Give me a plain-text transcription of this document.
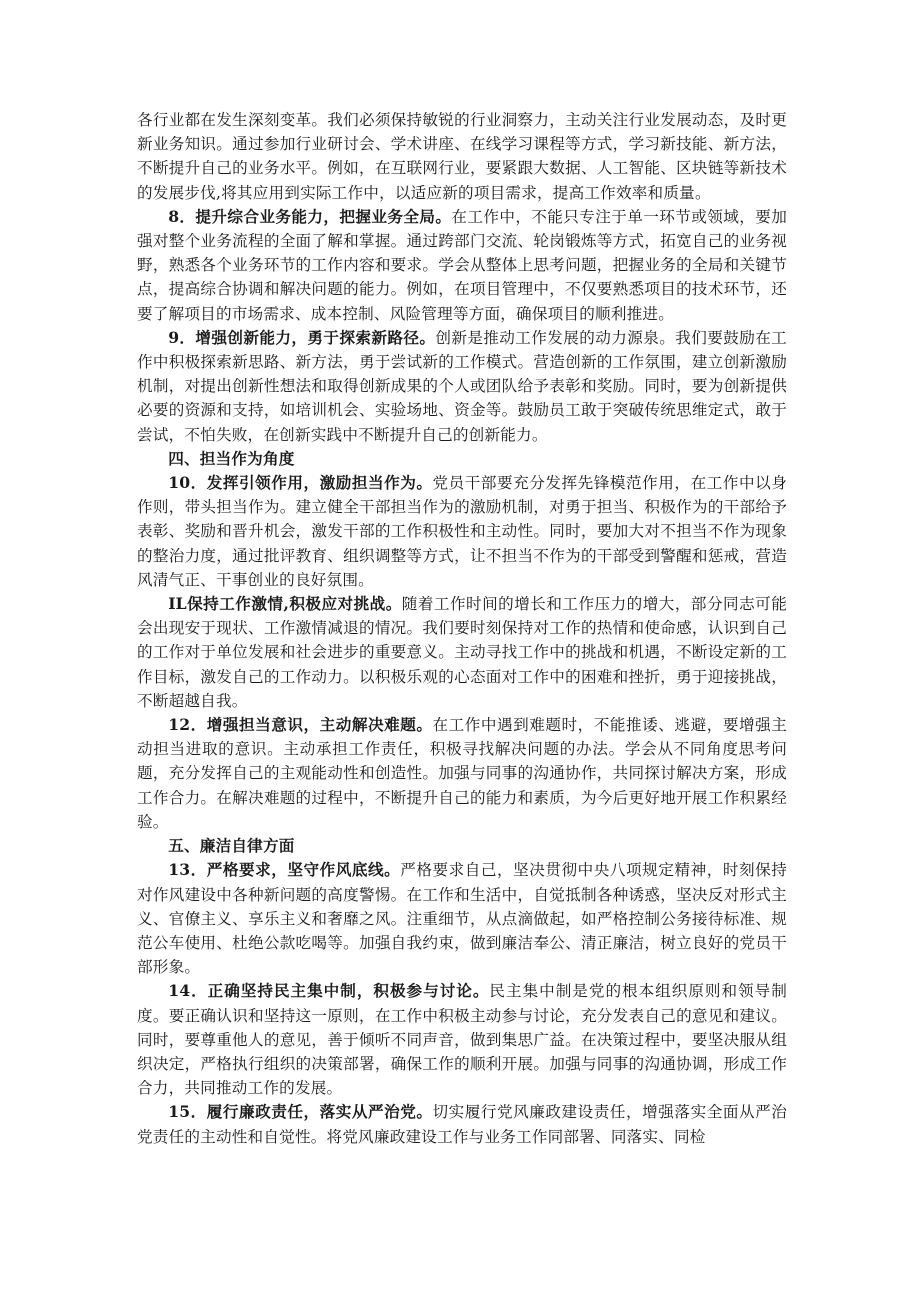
各行业都在发生深刻变革。我们必须保持敏锐的行业洞察力，主动关注行业发展动态，及时更新业务知识。通过参加行业研讨会、学术讲座、在线学习课程等方式，学习新技能、新方法，不断提升自己的业务水平。例如，在互联网行业，要紧跟大数据、人工智能、区块链等新技术的发展步伐,将其应用到实际工作中，以适应新的项目需求，提高工作效率和质量。

8．提升综合业务能力，把握业务全局。在工作中，不能只专注于单一环节或领域，要加强对整个业务流程的全面了解和掌握。通过跨部门交流、轮岗锻炼等方式，拓宽自己的业务视野，熟悉各个业务环节的工作内容和要求。学会从整体上思考问题，把握业务的全局和关键节点，提高综合协调和解决问题的能力。例如，在项目管理中，不仅要熟悉项目的技术环节，还要了解项目的市场需求、成本控制、风险管理等方面，确保项目的顺利推进。

9．增强创新能力，勇于探索新路径。创新是推动工作发展的动力源泉。我们要鼓励在工作中积极探索新思路、新方法，勇于尝试新的工作模式。营造创新的工作氛围，建立创新激励机制，对提出创新性想法和取得创新成果的个人或团队给予表彰和奖励。同时，要为创新提供必要的资源和支持，如培训机会、实验场地、资金等。鼓励员工敢于突破传统思维定式，敢于尝试，不怕失败，在创新实践中不断提升自己的创新能力。

四、担当作为角度

10．发挥引领作用，激励担当作为。党员干部要充分发挥先锋模范作用，在工作中以身作则，带头担当作为。建立健全干部担当作为的激励机制，对勇于担当、积极作为的干部给予表彰、奖励和晋升机会，激发干部的工作积极性和主动性。同时，要加大对不担当不作为现象的整治力度，通过批评教育、组织调整等方式，让不担当不作为的干部受到警醒和惩戒，营造风清气正、干事创业的良好氛围。

IL保持工作激情,积极应对挑战。随着工作时间的增长和工作压力的增大，部分同志可能会出现安于现状、工作激情减退的情况。我们要时刻保持对工作的热情和使命感，认识到自己的工作对于单位发展和社会进步的重要意义。主动寻找工作中的挑战和机遇，不断设定新的工作目标，激发自己的工作动力。以积极乐观的心态面对工作中的困难和挫折，勇于迎接挑战，不断超越自我。

12．增强担当意识，主动解决难题。在工作中遇到难题时，不能推诿、逃避，要增强主动担当进取的意识。主动承担工作责任，积极寻找解决问题的办法。学会从不同角度思考问题，充分发挥自己的主观能动性和创造性。加强与同事的沟通协作，共同探讨解决方案，形成工作合力。在解决难题的过程中，不断提升自己的能力和素质，为今后更好地开展工作积累经验。

五、廉洁自律方面

13．严格要求，坚守作风底线。严格要求自己，坚决贯彻中央八项规定精神，时刻保持对作风建设中各种新问题的高度警惕。在工作和生活中，自觉抵制各种诱惑，坚决反对形式主义、官僚主义、享乐主义和奢靡之风。注重细节，从点滴做起，如严格控制公务接待标准、规范公车使用、杜绝公款吃喝等。加强自我约束，做到廉洁奉公、清正廉洁，树立良好的党员干部形象。

14．正确坚持民主集中制，积极参与讨论。民主集中制是党的根本组织原则和领导制度。要正确认识和坚持这一原则，在工作中积极主动参与讨论，充分发表自己的意见和建议。同时，要尊重他人的意见，善于倾听不同声音，做到集思广益。在决策过程中，要坚决服从组织决定，严格执行组织的决策部署，确保工作的顺利开展。加强与同事的沟通协调，形成工作合力，共同推动工作的发展。

15．履行廉政责任，落实从严治党。切实履行党风廉政建设责任，增强落实全面从严治党责任的主动性和自觉性。将党风廉政建设工作与业务工作同部署、同落实、同检
